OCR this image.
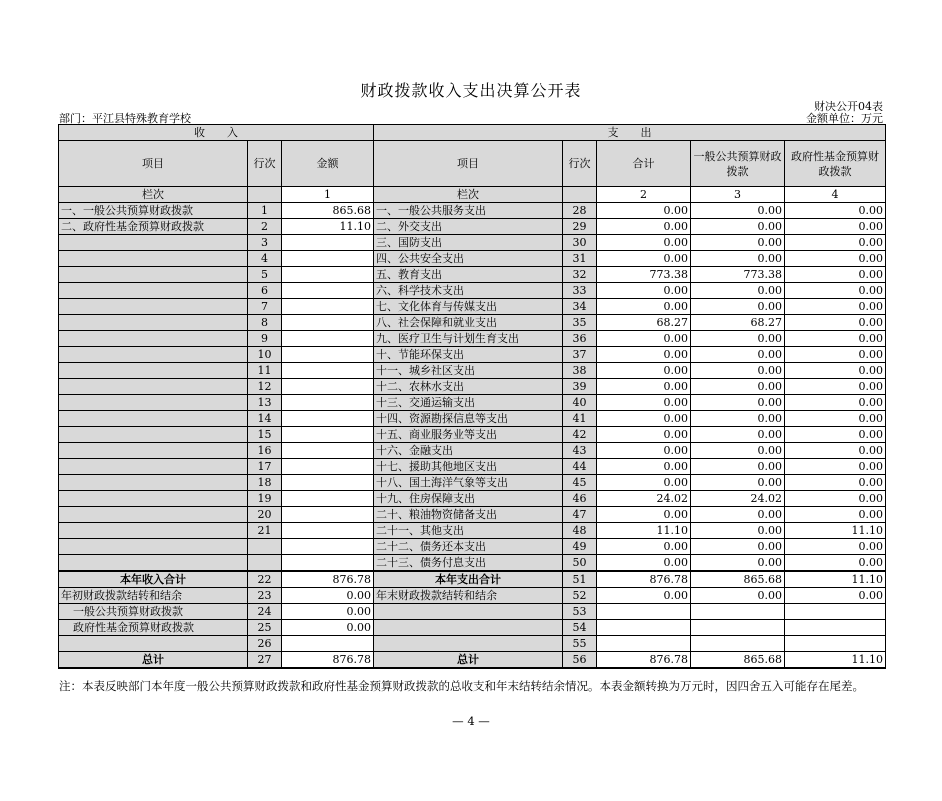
财政拨款收入支出决算公开表
财决公开04表
部门：平江县特殊教育学校	金额单位：万元
收　　入			支　　出				
项目	行次	金额	项目	行次	合计	一般公共预算财政拨款	政府性基金预算财政拨款
栏次		1	栏次		2	3	4
一、一般公共预算财政拨款	1	865.68	一、一般公共服务支出	28	0.00	0.00	0.00
二、政府性基金预算财政拨款	2	11.10	二、外交支出	29	0.00	0.00	0.00
	3		三、国防支出	30	0.00	0.00	0.00
	4		四、公共安全支出	31	0.00	0.00	0.00
	5		五、教育支出	32	773.38	773.38	0.00
	6		六、科学技术支出	33	0.00	0.00	0.00
	7		七、文化体育与传媒支出	34	0.00	0.00	0.00
	8		八、社会保障和就业支出	35	68.27	68.27	0.00
	9		九、医疗卫生与计划生育支出	36	0.00	0.00	0.00
	10		十、节能环保支出	37	0.00	0.00	0.00
	11		十一、城乡社区支出	38	0.00	0.00	0.00
	12		十二、农林水支出	39	0.00	0.00	0.00
	13		十三、交通运输支出	40	0.00	0.00	0.00
	14		十四、资源勘探信息等支出	41	0.00	0.00	0.00
	15		十五、商业服务业等支出	42	0.00	0.00	0.00
	16		十六、金融支出	43	0.00	0.00	0.00
	17		十七、援助其他地区支出	44	0.00	0.00	0.00
	18		十八、国土海洋气象等支出	45	0.00	0.00	0.00
	19		十九、住房保障支出	46	24.02	24.02	0.00
	20		二十、粮油物资储备支出	47	0.00	0.00	0.00
	21		二十一、其他支出	48	11.10	0.00	11.10
			二十二、债务还本支出	49	0.00	0.00	0.00
			二十三、债务付息支出	50	0.00	0.00	0.00
本年收入合计	22	876.78	本年支出合计	51	876.78	865.68	11.10
年初财政拨款结转和结余	23	0.00	年末财政拨款结转和结余	52	0.00	0.00	0.00
一般公共预算财政拨款	24	0.00		53			
政府性基金预算财政拨款	25	0.00		54			
	26			55			
总计	27	876.78	总计	56	876.78	865.68	11.10
注：本表反映部门本年度一般公共预算财政拨款和政府性基金预算财政拨款的总收支和年末结转结余情况。本表金额转换为万元时，因四舍五入可能存在尾差。
— 4 —
